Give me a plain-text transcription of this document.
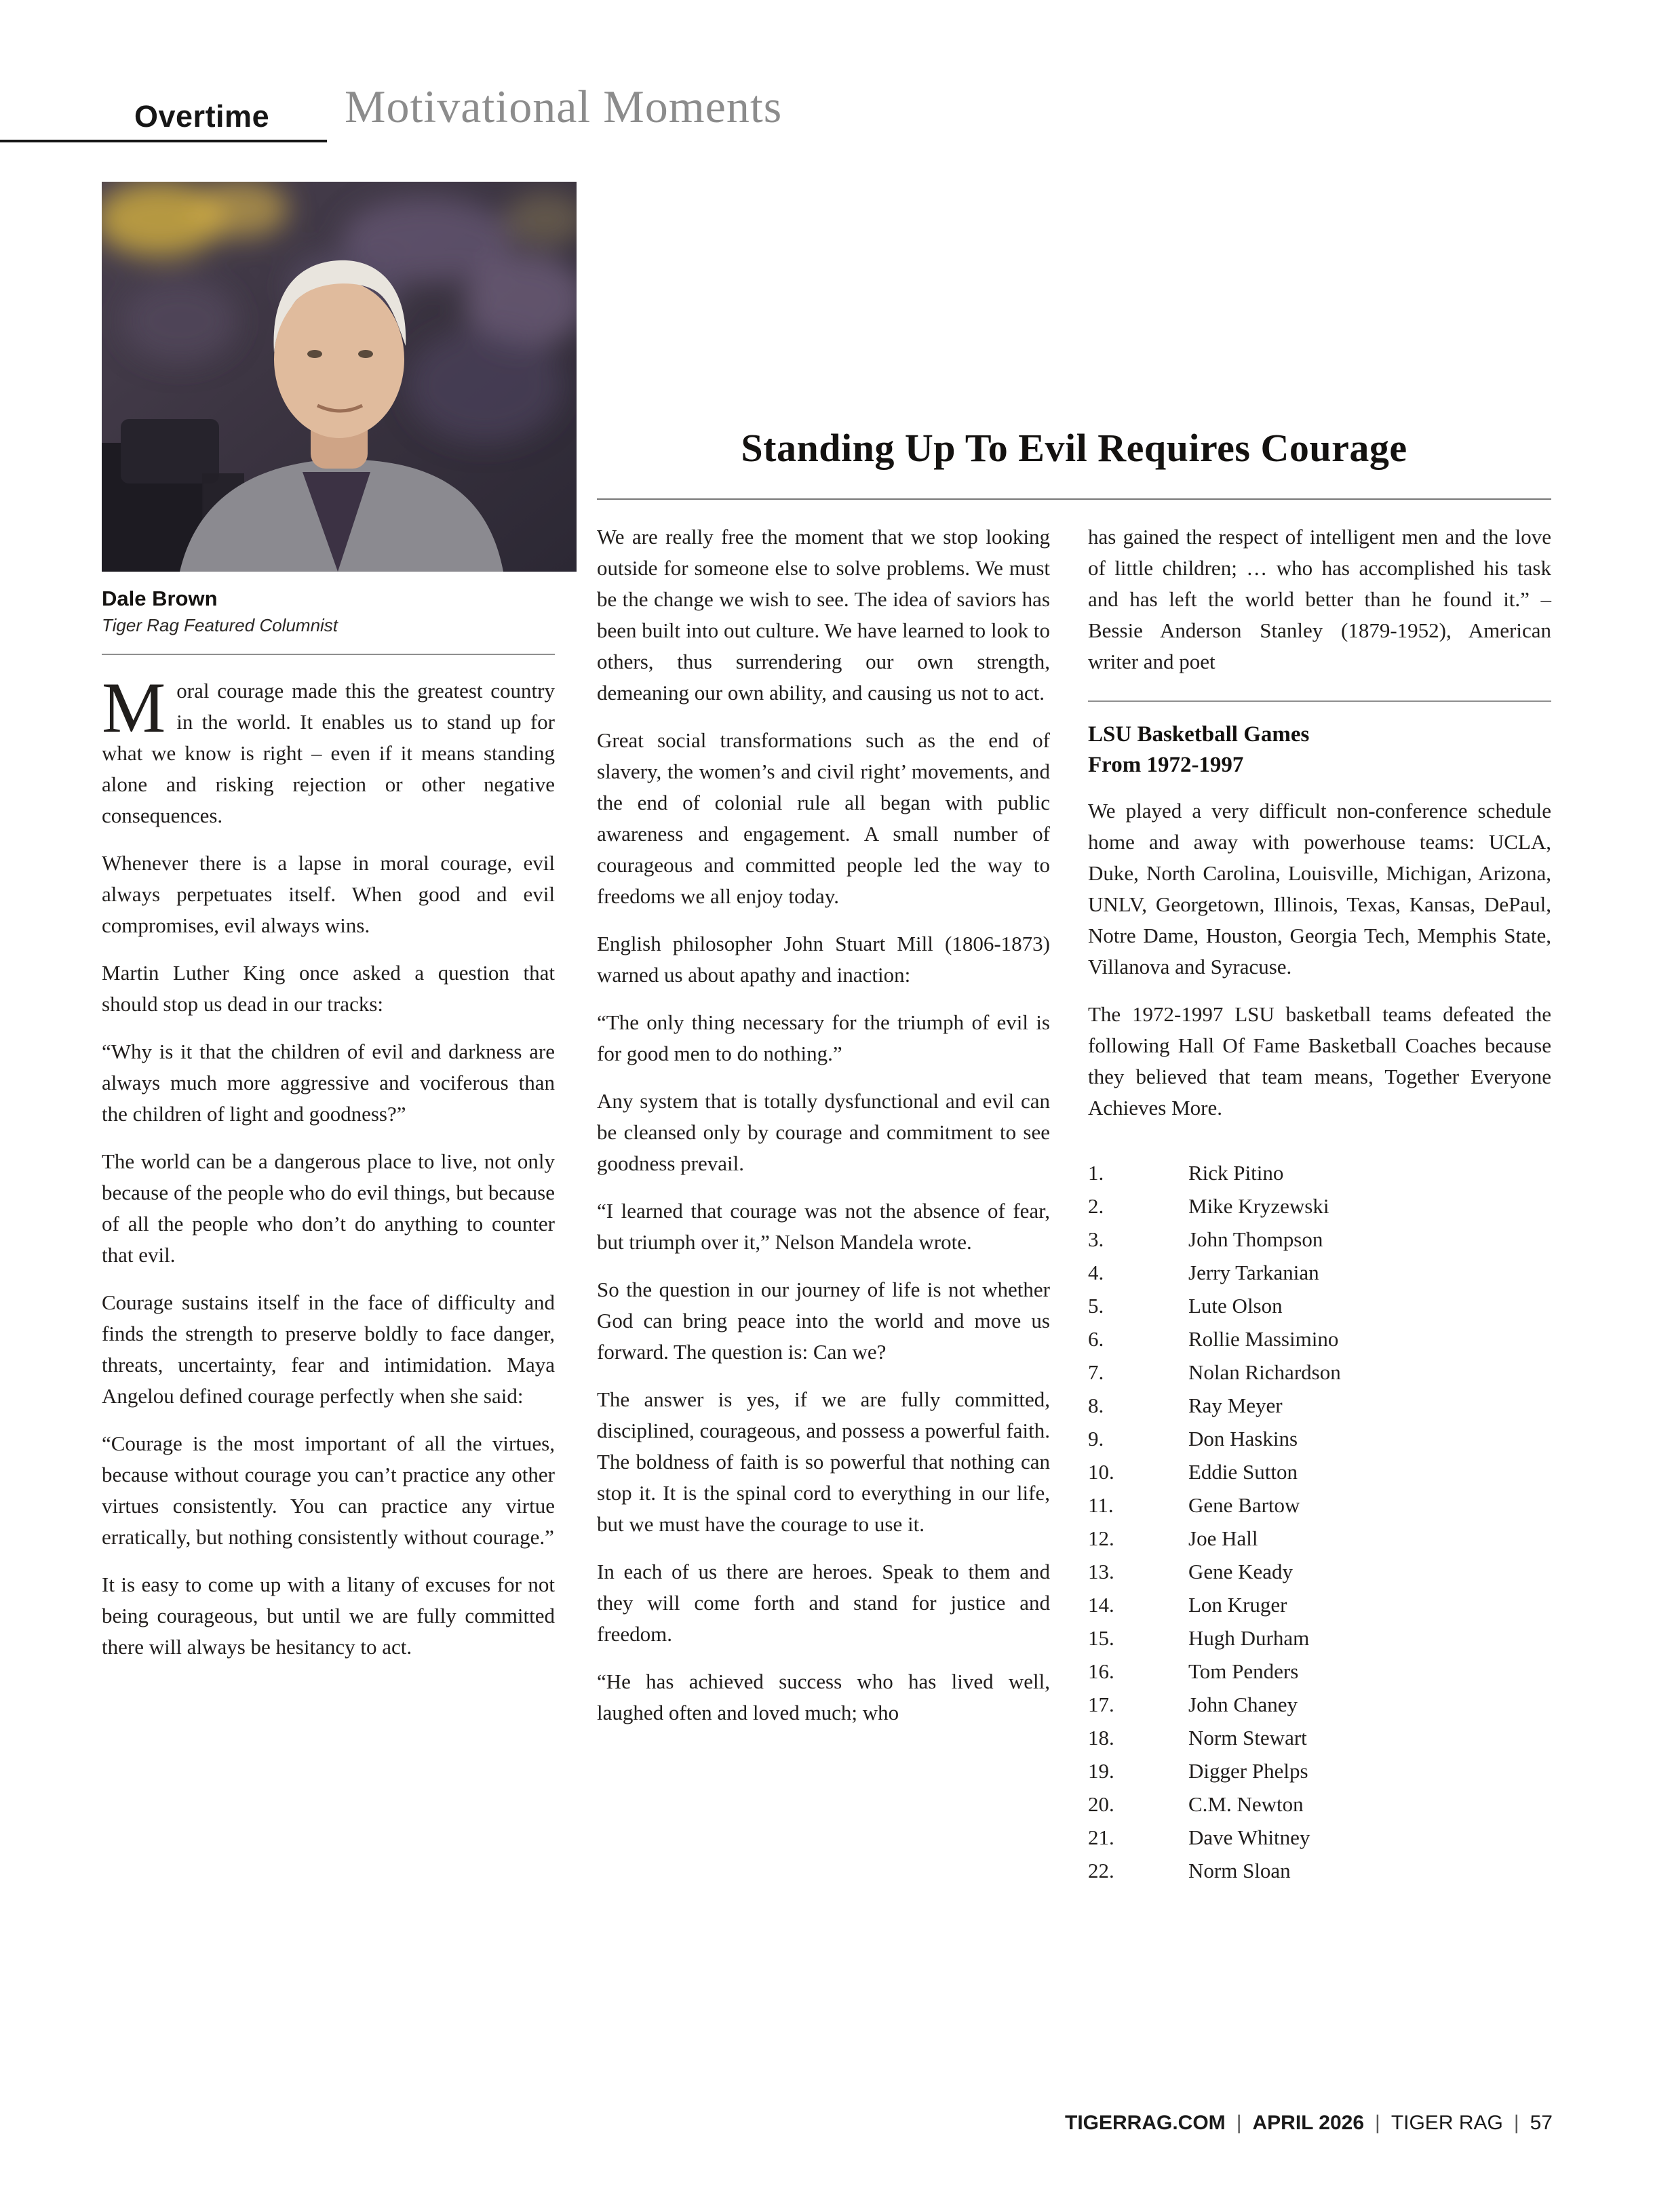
Overtime Motivational Moments
Dale Brown
Tiger Rag Featured Columnist

Moral courage made this the greatest country in the world. It enables us to stand up for what we know is right – even if it means standing alone and risking rejection or other negative consequences.

Whenever there is a lapse in moral courage, evil always perpetuates itself. When good and evil compromises, evil always wins.

Martin Luther King once asked a question that should stop us dead in our tracks:

“Why is it that the children of evil and darkness are always much more aggressive and vociferous than the children of light and goodness?”

The world can be a dangerous place to live, not only because of the people who do evil things, but because of all the people who don’t do anything to counter that evil.

Courage sustains itself in the face of difficulty and finds the strength to preserve boldly to face danger, threats, uncertainty, fear and intimidation. Maya Angelou defined courage perfectly when she said:

“Courage is the most important of all the virtues, because without courage you can’t practice any other virtues consistently. You can practice any virtue erratically, but nothing consistently without courage.”

It is easy to come up with a litany of excuses for not being courageous, but until we are fully committed there will always be hesitancy to act.

Standing Up To Evil Requires Courage

We are really free the moment that we stop looking outside for someone else to solve problems. We must be the change we wish to see. The idea of saviors has been built into out culture. We have learned to look to others, thus surrendering our own strength, demeaning our own ability, and causing us not to act.

Great social transformations such as the end of slavery, the women’s and civil right’ movements, and the end of colonial rule all began with public awareness and engagement. A small number of courageous and committed people led the way to freedoms we all enjoy today.

English philosopher John Stuart Mill (1806-1873) warned us about apathy and inaction:

“The only thing necessary for the triumph of evil is for good men to do nothing.”

Any system that is totally dysfunctional and evil can be cleansed only by courage and commitment to see goodness prevail.

“I learned that courage was not the absence of fear, but triumph over it,” Nelson Mandela wrote.

So the question in our journey of life is not whether God can bring peace into the world and move us forward. The question is: Can we?

The answer is yes, if we are fully committed, disciplined, courageous, and possess a powerful faith. The boldness of faith is so powerful that nothing can stop it. It is the spinal cord to everything in our life, but we must have the courage to use it.

In each of us there are heroes. Speak to them and they will come forth and stand for justice and freedom.

“He has achieved success who has lived well, laughed often and loved much; who

has gained the respect of intelligent men and the love of little children; … who has accomplished his task and has left the world better than he found it.” – Bessie Anderson Stanley (1879-1952), American writer and poet

LSU Basketball Games
From 1972-1997

We played a very difficult non-conference schedule home and away with powerhouse teams: UCLA, Duke, North Carolina, Louisville, Michigan, Arizona, UNLV, Georgetown, Illinois, Texas, Kansas, DePaul, Notre Dame, Houston, Georgia Tech, Memphis State, Villanova and Syracuse.

The 1972-1997 LSU basketball teams defeated the following Hall Of Fame Basketball Coaches because they believed that team means, Together Everyone Achieves More.

1.	Rick Pitino
2.	Mike Kryzewski
3.	John Thompson
4.	Jerry Tarkanian
5.	Lute Olson
6.	Rollie Massimino
7.	Nolan Richardson
8.	Ray Meyer
9.	Don Haskins
10.	Eddie Sutton
11.	Gene Bartow
12.	Joe Hall
13.	Gene Keady
14.	Lon Kruger
15.	Hugh Durham
16.	Tom Penders
17.	John Chaney
18.	Norm Stewart
19.	Digger Phelps
20.	C.M. Newton
21.	Dave Whitney
22.	Norm Sloan
TIGERRAG.COM | APRIL 2026 | TIGER RAG | 57
